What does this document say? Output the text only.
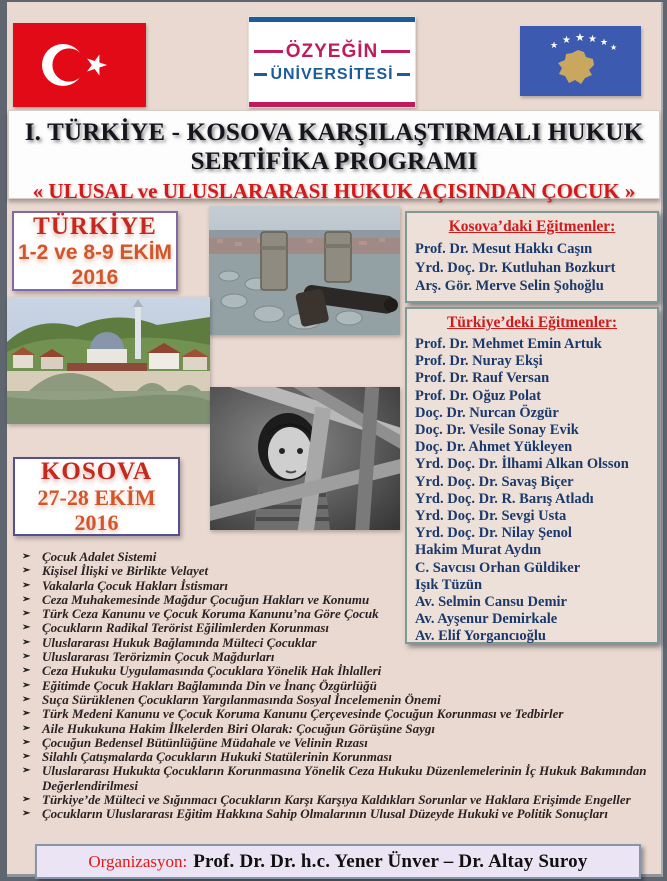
ÖZYEĞİN
ÜNİVERSİTESİ
★ ★ ★ ★ ★
★
I. TÜRKİYE - KOSOVA KARŞILAŞTIRMALI HUKUK
SERTİFİKA PROGRAMI
« ULUSAL ve ULUSLARARASI HUKUK AÇISINDAN ÇOCUK »
TÜRKİYE
1-2 ve 8-9 EKİM
2016
Kosova’daki Eğitmenler:
Prof. Dr. Mesut Hakkı Caşın
Yrd. Doç. Dr. Kutluhan Bozkurt
Arş. Gör. Merve Selin Şohoğlu
Türkiye’deki Eğitmenler:
Prof. Dr. Mehmet Emin Artuk
Prof. Dr. Nuray Ekşi
Prof. Dr. Rauf Versan
Prof. Dr. Oğuz Polat
Doç. Dr. Nurcan Özgür
Doç. Dr. Vesile Sonay Evik
Doç. Dr. Ahmet Yükleyen
Yrd. Doç. Dr. İlhami Alkan Olsson
Yrd. Doç. Dr. Savaş Biçer
Yrd. Doç. Dr. R. Barış Atladı
Yrd. Doç. Dr. Sevgi Usta
Yrd. Doç. Dr. Nilay Şenol
Hakim Murat Aydın
C. Savcısı Orhan Güldiker
Işık Tüzün
Av. Selmin Cansu Demir
Av. Ayşenur Demirkale
Av. Elif Yorgancıoğlu
KOSOVA
27-28 EKİM
2016
➢ Çocuk Adalet Sistemi
➢ Kişisel İlişki ve Birlikte Velayet
➢ Vakalarla Çocuk Hakları İstismarı
➢ Ceza Muhakemesinde Mağdur Çocuğun Hakları ve Konumu
➢ Türk Ceza Kanunu ve Çocuk Koruma Kanunu’na Göre Çocuk
➢ Çocukların Radikal Terörist Eğilimlerden Korunması
➢ Uluslararası Hukuk Bağlamında Mülteci Çocuklar
➢ Uluslararası Terörizmin Çocuk Mağdurları
➢ Ceza Hukuku Uygulamasında Çocuklara Yönelik Hak İhlalleri
➢ Eğitimde Çocuk Hakları Bağlamında Din ve İnanç Özgürlüğü
➢ Suça Sürüklenen Çocukların Yargılanmasında Sosyal İncelemenin Önemi
➢ Türk Medeni Kanunu ve Çocuk Koruma Kanunu Çerçevesinde Çocuğun Korunması ve Tedbirler
➢ Aile Hukukuna Hakim İlkelerden Biri Olarak: Çocuğun Görüşüne Saygı
➢ Çocuğun Bedensel Bütünlüğüne Müdahale ve Velinin Rızası
➢ Silahlı Çatışmalarda Çocukların Hukuki Statülerinin Korunması
➢ Uluslararası Hukukta Çocukların Korunmasına Yönelik Ceza Hukuku Düzenlemelerinin İç Hukuk Bakımından Değerlendirilmesi
➢ Türkiye’de Mülteci ve Sığınmacı Çocukların Karşı Karşıya Kaldıkları Sorunlar ve Haklara Erişimde Engeller
➢ Çocukların Uluslararası Eğitim Hakkına Sahip Olmalarının Ulusal Düzeyde Hukuki ve Politik Sonuçları
Organizasyon: Prof. Dr. Dr. h.c. Yener Ünver – Dr. Altay Suroy
